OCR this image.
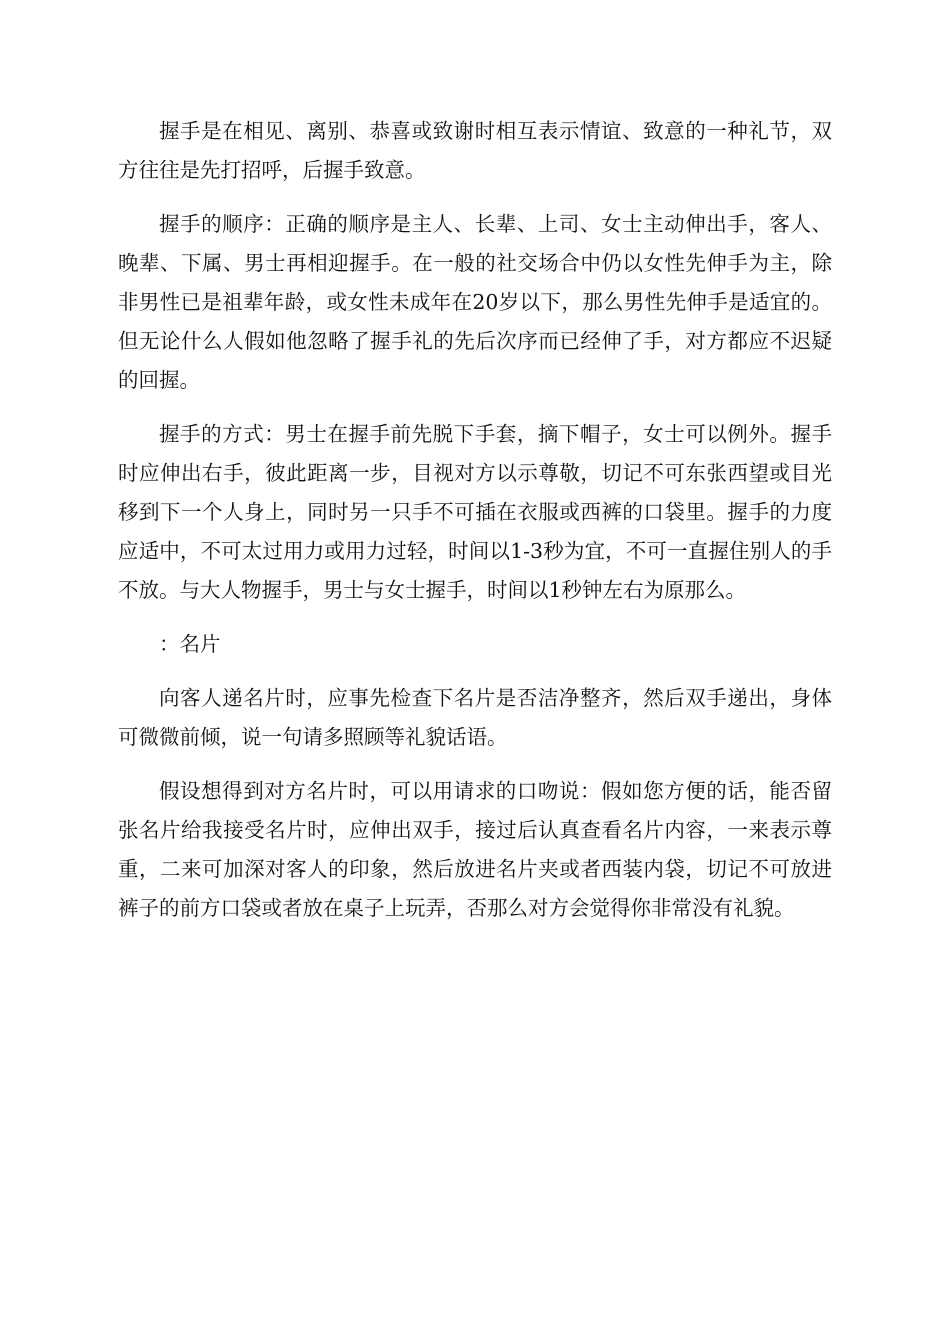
握手是在相见、离别、恭喜或致谢时相互表示情谊、致意的一种礼节，双方往往是先打招呼，后握手致意。

握手的顺序：正确的顺序是主人、长辈、上司、女士主动伸出手，客人、晚辈、下属、男士再相迎握手。在一般的社交场合中仍以女性先伸手为主，除非男性已是祖辈年龄，或女性未成年在20岁以下，那么男性先伸手是适宜的。但无论什么人假如他忽略了握手礼的先后次序而已经伸了手，对方都应不迟疑的回握。

握手的方式：男士在握手前先脱下手套，摘下帽子，女士可以例外。握手时应伸出右手，彼此距离一步，目视对方以示尊敬，切记不可东张西望或目光移到下一个人身上，同时另一只手不可插在衣服或西裤的口袋里。握手的力度应适中，不可太过用力或用力过轻，时间以1-3秒为宜，不可一直握住别人的手不放。与大人物握手，男士与女士握手，时间以1秒钟左右为原那么。

：名片

向客人递名片时，应事先检查下名片是否洁净整齐，然后双手递出，身体可微微前倾，说一句请多照顾等礼貌话语。

假设想得到对方名片时，可以用请求的口吻说：假如您方便的话，能否留张名片给我接受名片时，应伸出双手，接过后认真查看名片内容，一来表示尊重，二来可加深对客人的印象，然后放进名片夹或者西装内袋，切记不可放进裤子的前方口袋或者放在桌子上玩弄，否那么对方会觉得你非常没有礼貌。
